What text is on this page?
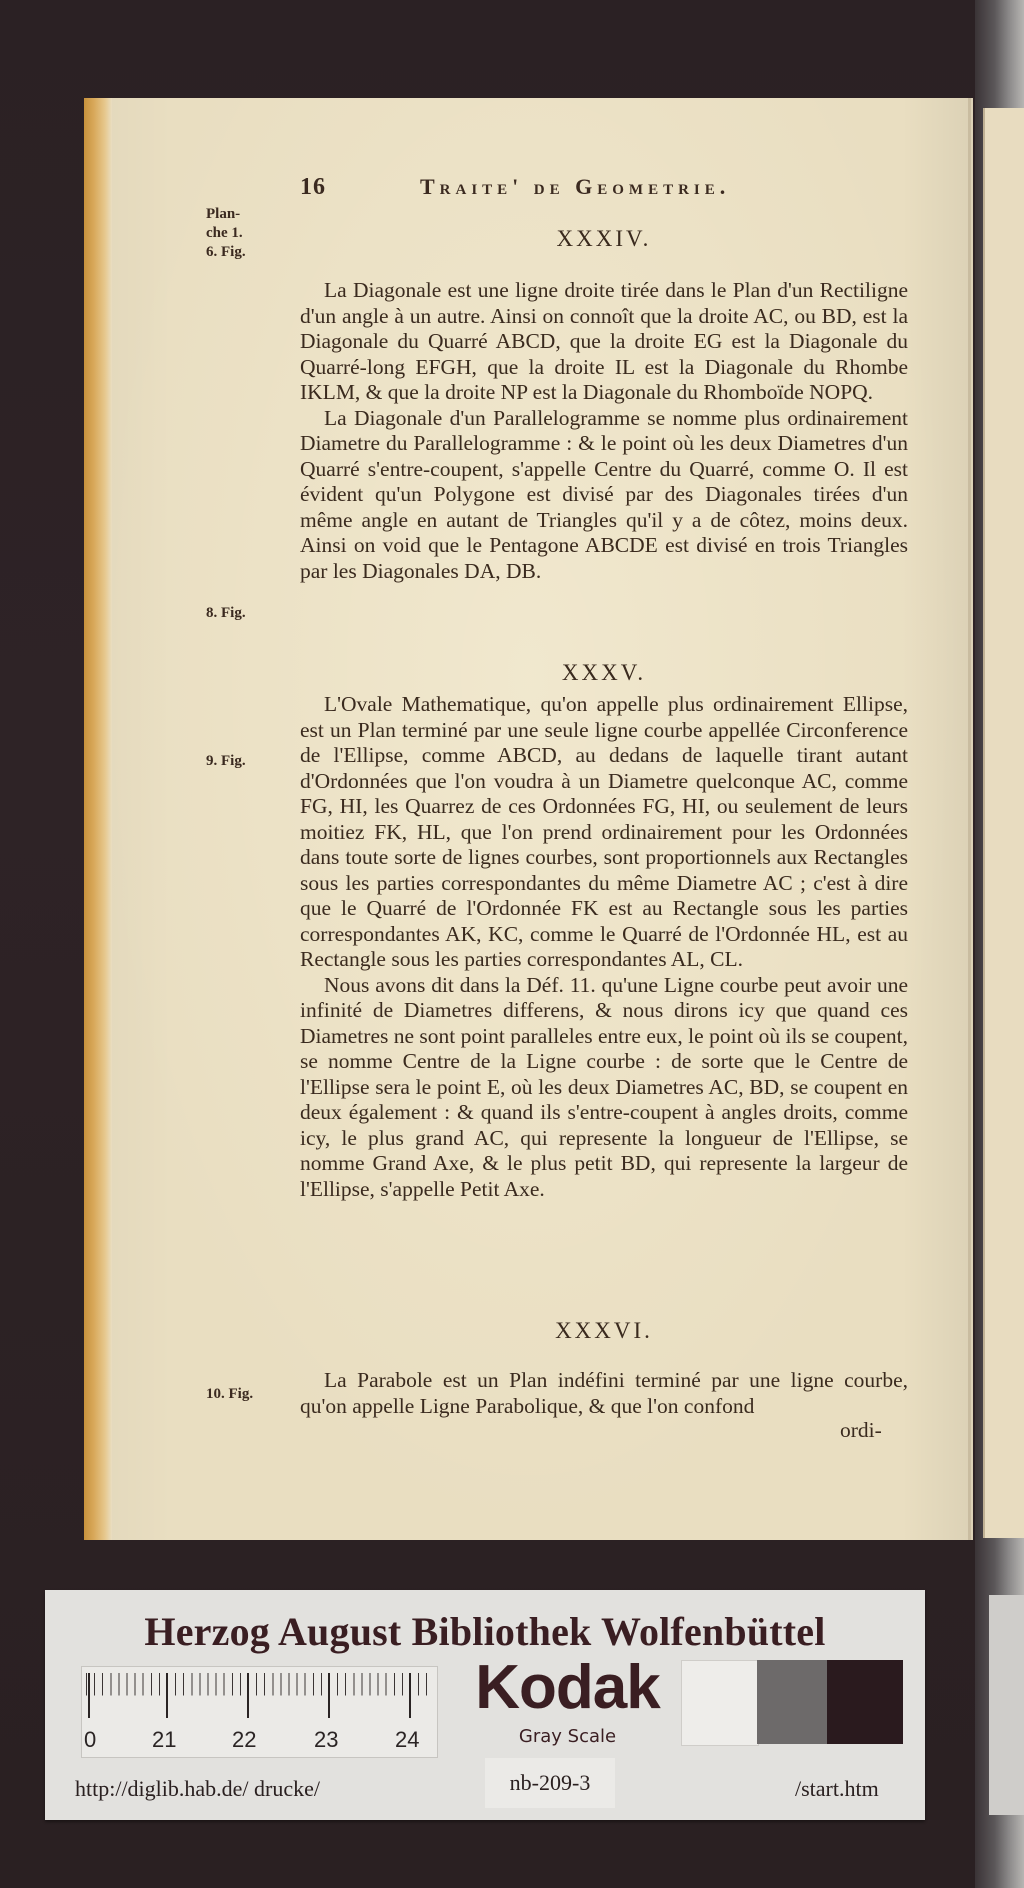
16	Traite' de Geometrie.
Plan-
che 1.
6. Fig.
8. Fig.
9. Fig.
10. Fig.
XXXIV.

La Diagonale est une ligne droite tirée dans le Plan d'un Rectiligne d'un angle à un autre. Ainsi on connoît que la droite AC, ou BD, est la Diagonale du Quarré ABCD, que la droite EG est la Diagonale du Quarré-long EFGH, que la droite IL est la Diagonale du Rhombe IKLM, & que la droite NP est la Diagonale du Rhomboïde NOPQ.

La Diagonale d'un Parallelogramme se nomme plus ordinairement Diametre du Parallelogramme : & le point où les deux Diametres d'un Quarré s'entre-coupent, s'appelle Centre du Quarré, comme O. Il est évident qu'un Polygone est divisé par des Diagonales tirées d'un même angle en autant de Triangles qu'il y a de côtez, moins deux. Ainsi on void que le Pentagone ABCDE est divisé en trois Triangles par les Diagonales DA, DB.

XXXV.

L'Ovale Mathematique, qu'on appelle plus ordinairement Ellipse, est un Plan terminé par une seule ligne courbe appellée Circonference de l'Ellipse, comme ABCD, au dedans de laquelle tirant autant d'Ordonnées que l'on voudra à un Diametre quelconque AC, comme FG, HI, les Quarrez de ces Ordonnées FG, HI, ou seulement de leurs moitiez FK, HL, que l'on prend ordinairement pour les Ordonnées dans toute sorte de lignes courbes, sont proportionnels aux Rectangles sous les parties correspondantes du même Diametre AC ; c'est à dire que le Quarré de l'Ordonnée FK est au Rectangle sous les parties correspondantes AK, KC, comme le Quarré de l'Ordonnée HL, est au Rectangle sous les parties correspondantes AL, CL.

Nous avons dit dans la Déf. 11. qu'une Ligne courbe peut avoir une infinité de Diametres differens, & nous dirons icy que quand ces Diametres ne sont point paralleles entre eux, le point où ils se coupent, se nomme Centre de la Ligne courbe : de sorte que le Centre de l'Ellipse sera le point E, où les deux Diametres AC, BD, se coupent en deux également : & quand ils s'entre-coupent à angles droits, comme icy, le plus grand AC, qui represente la longueur de l'Ellipse, se nomme Grand Axe, & le plus petit BD, qui represente la largeur de l'Ellipse, s'appelle Petit Axe.

XXXVI.

La Parabole est un Plan indéfini terminé par une ligne courbe, qu'on appelle Ligne Parabolique, & que l'on confond

ordi-
Herzog August Bibliothek Wolfenbüttel
0	21	22	23	24
Kodak
Gray Scale
http://diglib.hab.de/ drucke/	nb-209-3	/start.htm
